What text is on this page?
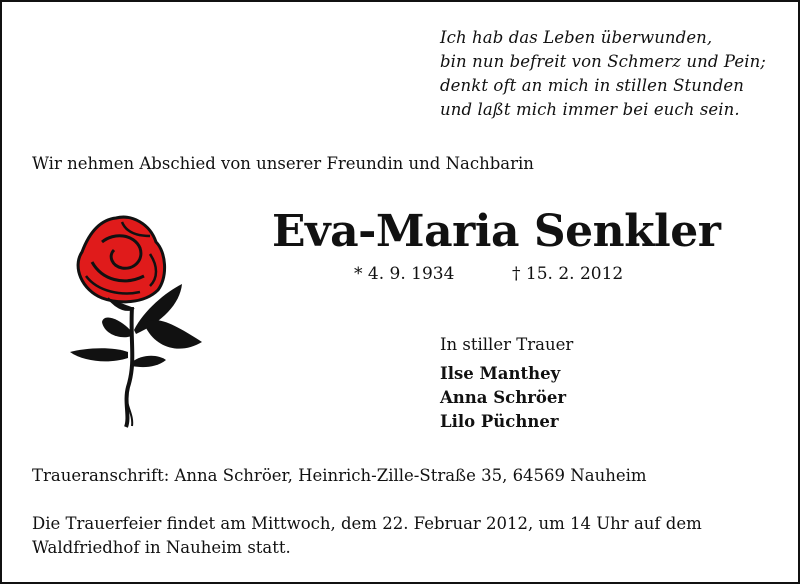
Ich hab das Leben überwunden,
bin nun befreit von Schmerz und Pein;
denkt oft an mich in stillen Stunden
und laßt mich immer bei euch sein.
Wir nehmen Abschied von unserer Freundin und Nachbarin
Eva-Maria Senkler
* 4. 9. 1934	† 15. 2. 2012
In stiller Trauer
Ilse Manthey
Anna Schröer
Lilo Püchner
Traueranschrift: Anna Schröer, Heinrich-Zille-Straße 35, 64569 Nauheim
Die Trauerfeier findet am Mittwoch, dem 22. Februar 2012, um 14 Uhr auf dem
Waldfriedhof in Nauheim statt.
